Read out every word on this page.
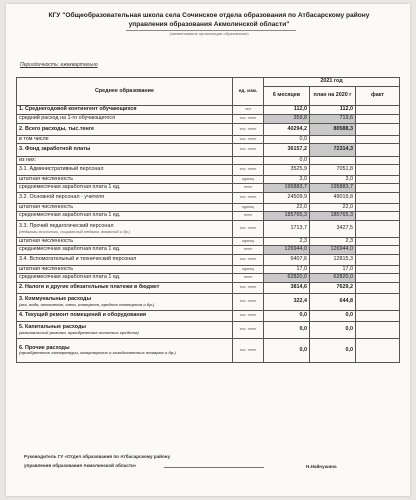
КГУ "Общеобразовательная школа села Сочинское отдела образования по Атбасарскому району
управления образования Акмолинской области"
(наименование организации образования)
Периодичность: ежеквартально
Среднее образование	ед. изм.	2021 год		
		6 месяцев	план на 2020 г	факт
1. Среднегодовой контингент обучающихся	чел	112,0	112,0	
средний расход на 1-го обучающегося	тыс. тенге	359,8	719,6	
2. Всего расходы, тыс.тенге	тыс. тенге	40294,2	80588,3	
в том числе	тыс. тенге	0,0		
3. Фонд заработной платы	тыс. тенге	36157,2	72314,3	
из них:		0,0		
3.1. Административный персонал	тыс. тенге	3525,9	7051,8	
штатная численность	единиц	3,0	3,0	
среднемесячная заработная плата 1 ед.	тенге	195883,7	195883,7	
3.2. Основной персонал - учителя	тыс. тенге	24509,9	49019,8	
штатная численность	единиц	22,0	22,0	
среднемесячная заработная плата 1 ед.	тенге	185765,3	185765,3	
3.3. Прочий педагогический персонал
(педагоги-психологи, социальный педагог, вожатый и др.)	тыс. тенге	1713,7	3427,5	
штатная численность	единиц	2,3	2,3	
среднемесячная заработная плата 1 ед.	тенге	126944,0	126944,0	
3.4. Вспомогательный и технический персонал	тыс. тенге	6407,6	12815,3	
штатная численность	единиц	17,0	17,0	
среднемесячная заработная плата 1 ед.	тенге	62820,0	62820,0	
2. Налоги и другие обязательные платежи в бюджет	тыс. тенге	3814,6	7629,2	
3. Коммунальные расходы
(газ, вода, отопление, свет, интернет, вредное помещения и др.)	тыс. тенге	322,4	644,8	
4. Текущий ремонт помещений и оборудования	тыс. тенге	0,0	0,0	
5. Капитальные расходы
(капитальный ремонт, приобретение основных средств)	тыс. тенге	0,0	0,0	
6. Прочие расходы
(приобретение литературы, канцелярских и хозяйственных товаров и др.)	тыс. тенге	0,0	0,0	
Руководитель ГУ «Отдел образования по Атбасарскому району
управления образования Акмолинской области»	Н.Найнушина
